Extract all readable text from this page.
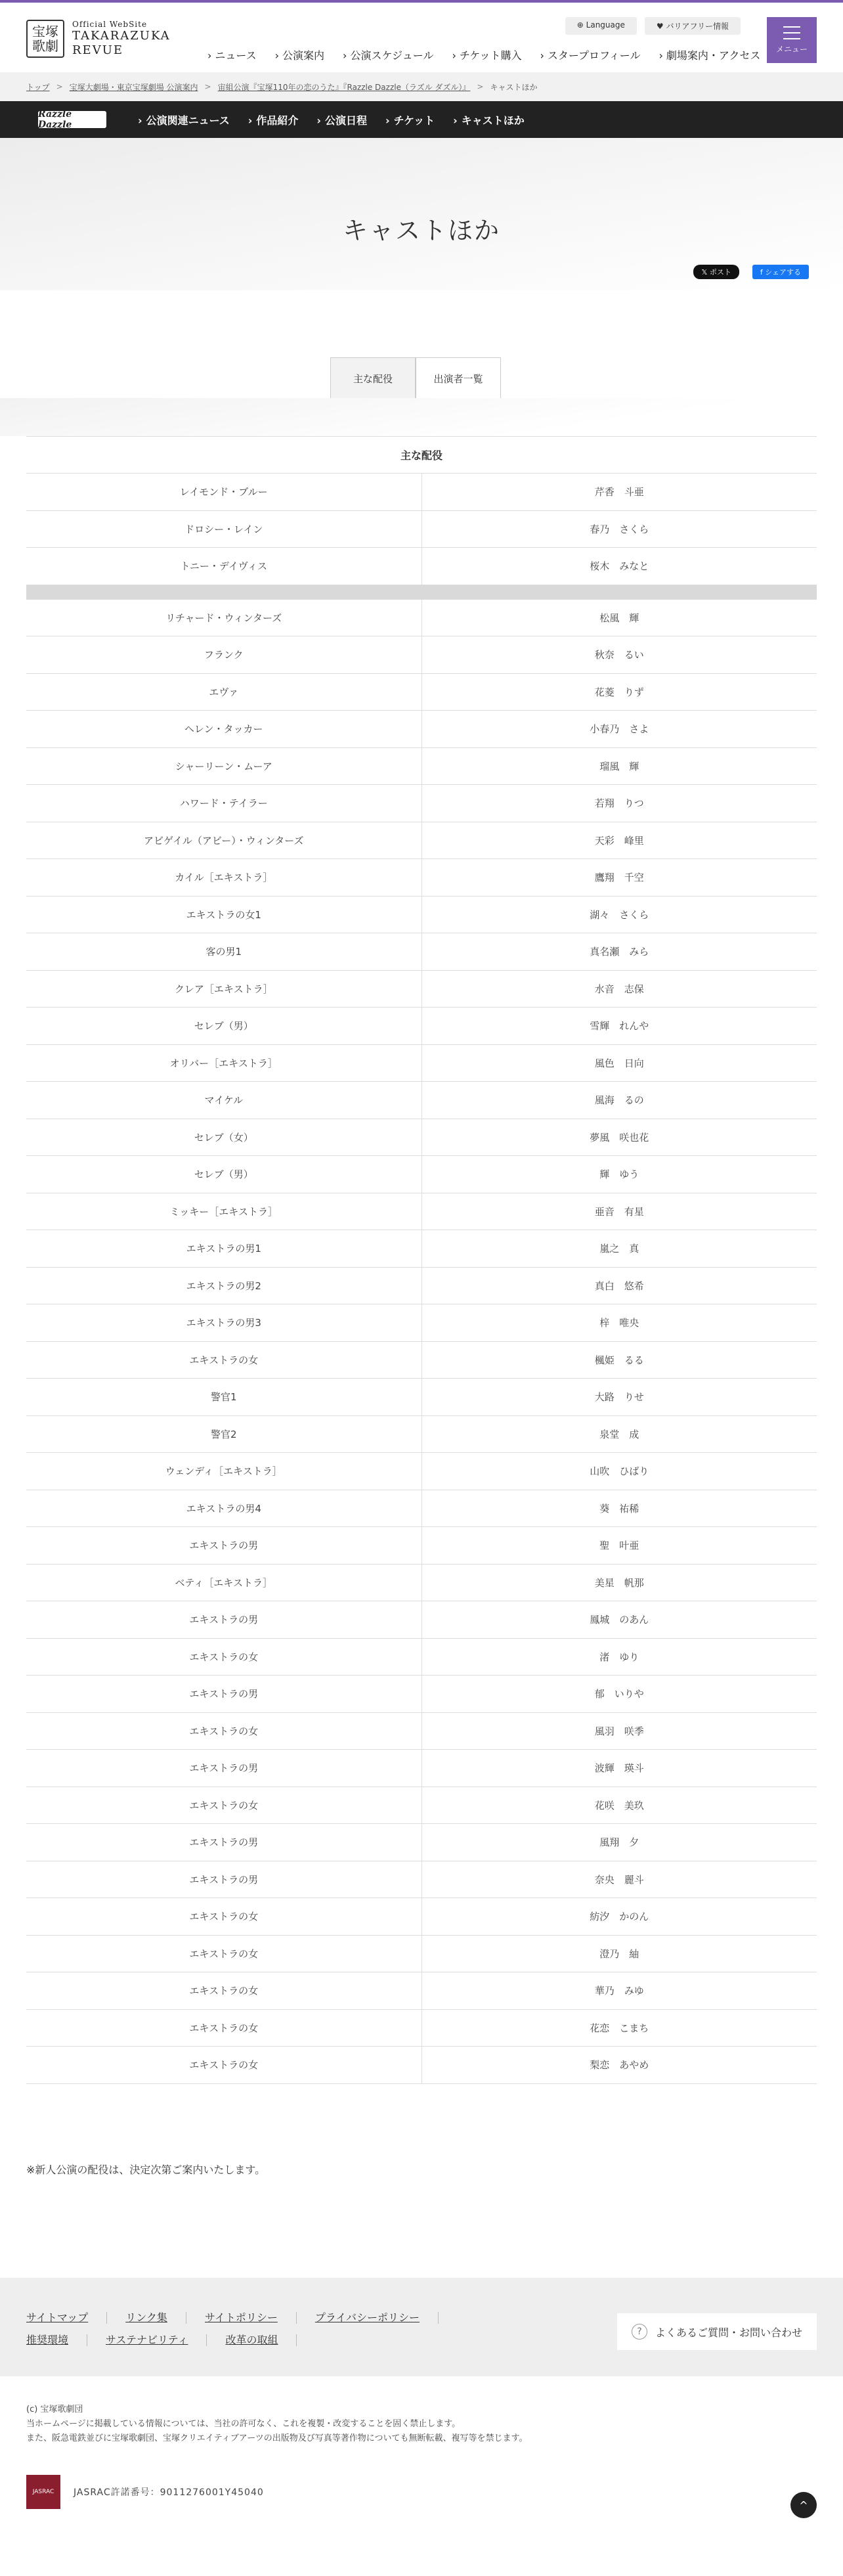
宝塚 歌劇
Official WebSite
TAKARAZUKA
REVUE
⊕ Language	♥ バリアフリー情報
› ニュース	› 公演案内	› 公演スケジュール	› チケット購入	› スタープロフィール	› 劇場案内・アクセス
メニュー
トップ > 宝塚大劇場・東京宝塚劇場 公演案内 > 宙組公演『宝塚110年の恋のうた』『Razzle Dazzle（ラズル ダズル）』 > キャストほか
Razzle Dazzle	› 公演関連ニュース	› 作品紹介	› 公演日程	› チケット	› キャストほか
キャストほか
𝕏 ポスト	f シェアする
主な配役	出演者一覧
主な配役
レイモンド・ブルー	芹香　斗亜
ドロシー・レイン	春乃　さくら
トニー・デイヴィス	桜木　みなと
リチャード・ウィンターズ	松風　輝
フランク	秋奈　るい
エヴァ	花菱　りず
ヘレン・タッカー	小春乃　さよ
シャーリーン・ムーア	瑠風　輝
ハワード・テイラー	若翔　りつ
アビゲイル（アビー）・ウィンターズ	天彩　峰里
カイル［エキストラ］	鷹翔　千空
エキストラの女1	湖々　さくら
客の男1	真名瀬　みら
クレア［エキストラ］	水音　志保
セレブ（男）	雪輝　れんや
オリバー［エキストラ］	風色　日向
マイケル	風海　るの
セレブ（女）	夢風　咲也花
セレブ（男）	輝　ゆう
ミッキー［エキストラ］	亜音　有星
エキストラの男1	嵐之　真
エキストラの男2	真白　悠希
エキストラの男3	梓　唯央
エキストラの女	楓姫　るる
警官1	大路　りせ
警官2	泉堂　成
ウェンディ［エキストラ］	山吹　ひばり
エキストラの男4	葵　祐稀
エキストラの男	聖　叶亜
ベティ［エキストラ］	美星　帆那
エキストラの男	鳳城　のあん
エキストラの女	渚　ゆり
エキストラの男	郁　いりや
エキストラの女	風羽　咲季
エキストラの男	波輝　瑛斗
エキストラの女	花咲　美玖
エキストラの男	風翔　夕
エキストラの男	奈央　麗斗
エキストラの女	紡汐　かのん
エキストラの女	澄乃　紬
エキストラの女	華乃　みゆ
エキストラの女	花恋　こまち
エキストラの女	梨恋　あやめ

※新人公演の配役は、決定次第ご案内いたします。

サイトマップ	リンク集	サイトポリシー	プライバシーポリシー
推奨環境	サステナビリティ	改革の取組
?	よくあるご質問・お問い合わせ
(c) 宝塚歌劇団
当ホームページに掲載している情報については、当社の許可なく、これを複製・改変することを固く禁止します。
また、阪急電鉄並びに宝塚歌劇団、宝塚クリエイティブアーツの出版物及び写真等著作物についても無断転載、複写等を禁じます。
JASRAC	JASRAC許諾番号：9011276001Y45040
^
